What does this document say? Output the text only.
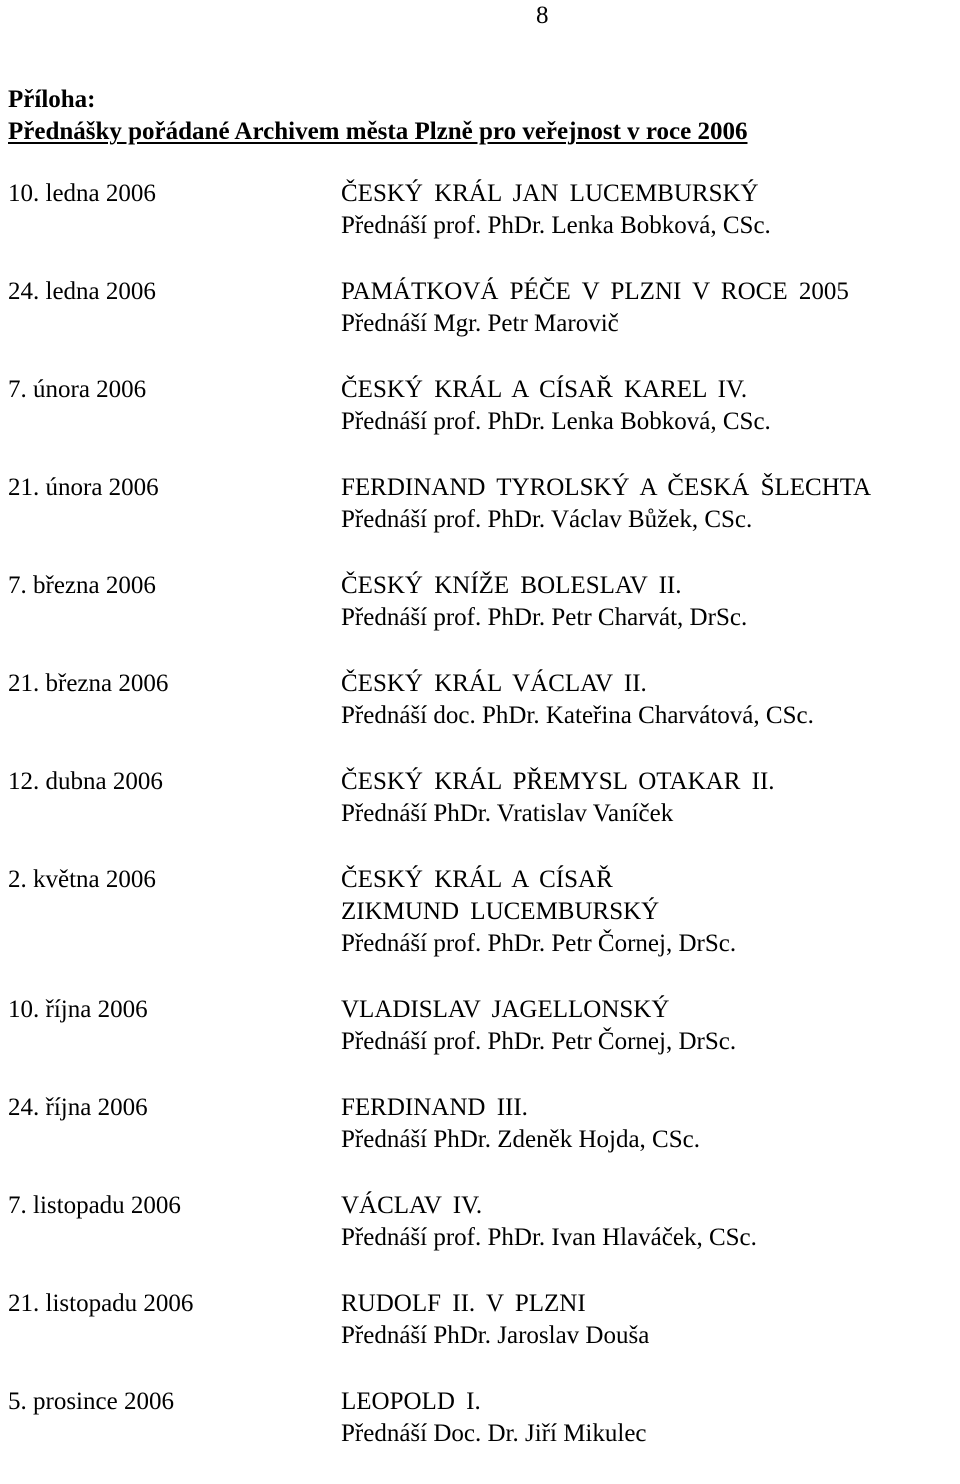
8
Příloha:
Přednášky pořádané Archivem města Plzně pro veřejnost v roce 2006
10. ledna 2006	ČESKÝ KRÁL JAN LUCEMBURSKÝ
Přednáší prof. PhDr. Lenka Bobková, CSc.
24. ledna 2006	PAMÁTKOVÁ PÉČE V PLZNI V ROCE 2005
Přednáší Mgr. Petr Marovič
7. února 2006	ČESKÝ KRÁL A CÍSAŘ KAREL IV.
Přednáší prof. PhDr. Lenka Bobková, CSc.
21. února 2006	FERDINAND TYROLSKÝ A ČESKÁ ŠLECHTA
Přednáší prof. PhDr. Václav Bůžek, CSc.
7. března 2006	ČESKÝ KNÍŽE BOLESLAV II.
Přednáší prof. PhDr. Petr Charvát, DrSc.
21. března 2006	ČESKÝ KRÁL VÁCLAV II.
Přednáší doc. PhDr. Kateřina Charvátová, CSc.
12. dubna 2006	ČESKÝ KRÁL PŘEMYSL OTAKAR II.
Přednáší PhDr. Vratislav Vaníček
2. května 2006	ČESKÝ KRÁL A CÍSAŘ
ZIKMUND LUCEMBURSKÝ
Přednáší prof. PhDr. Petr Čornej, DrSc.
10. října 2006	VLADISLAV JAGELLONSKÝ
Přednáší prof. PhDr. Petr Čornej, DrSc.
24. října 2006	FERDINAND III.
Přednáší PhDr. Zdeněk Hojda, CSc.
7. listopadu 2006	VÁCLAV IV.
Přednáší prof. PhDr. Ivan Hlaváček, CSc.
21. listopadu 2006	RUDOLF II. V PLZNI
Přednáší PhDr. Jaroslav Douša
5. prosince 2006	LEOPOLD I.
Přednáší Doc. Dr. Jiří Mikulec
